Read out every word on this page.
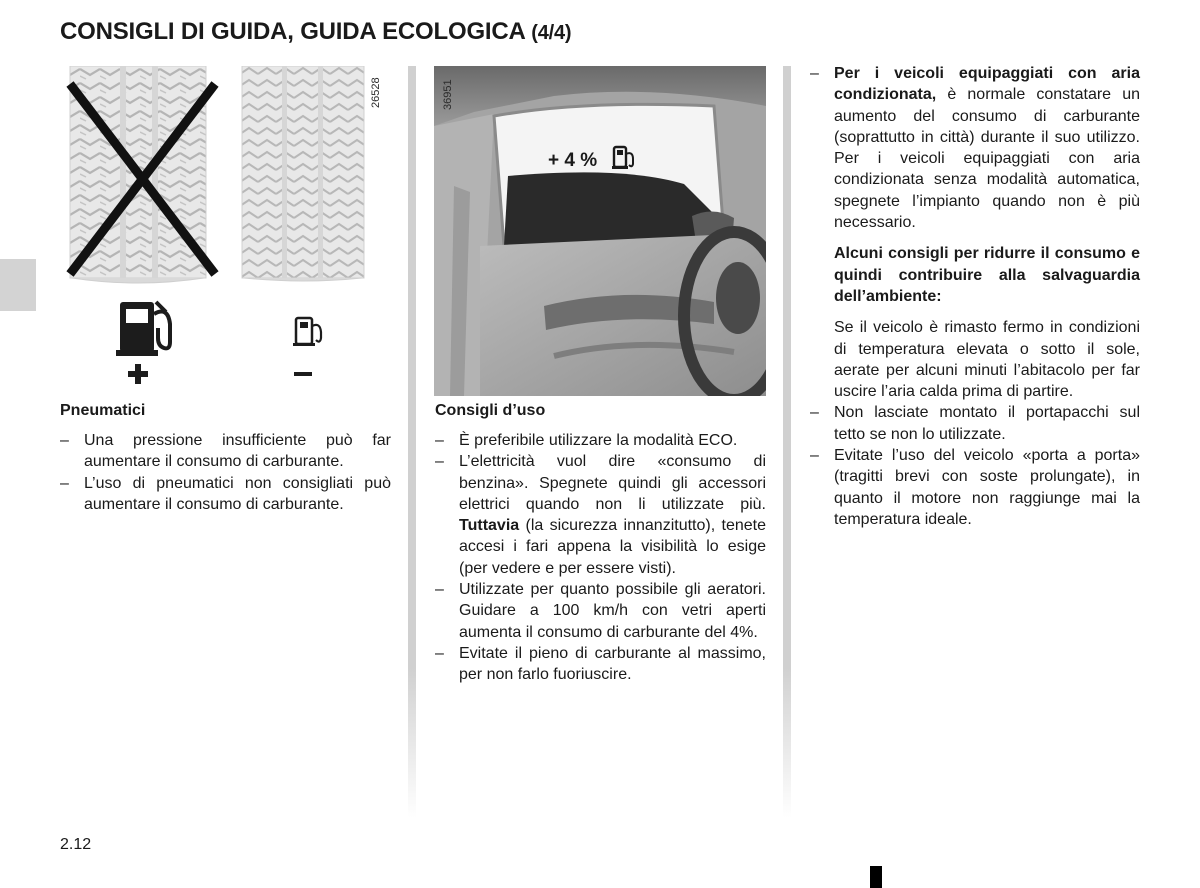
CONSIGLI DI GUIDA, GUIDA ECOLOGICA (4/4)
26528	36951
+ 4 %
Pneumatici
– Una pressione insufficiente può far aumentare il consumo di carburante.
– L’uso di pneumatici non consigliati può aumentare il consumo di carburante.
Consigli d’uso
– È preferibile utilizzare la modalità ECO.
– L’elettricità vuol dire «consumo di benzina». Spegnete quindi gli accessori elettrici quando non li utilizzate più. Tuttavia (la sicurezza innanzitutto), tenete accesi i fari appena la visibilità lo esige (per vedere e per essere visti).
– Utilizzate per quanto possibile gli aeratori. Guidare a 100 km/h con vetri aperti aumenta il consumo di carburante del 4%.
– Evitate il pieno di carburante al massimo, per non farlo fuoriuscire.
– Per i veicoli equipaggiati con aria condizionata, è normale constatare un aumento del consumo di carburante (soprattutto in città) durante il suo utilizzo. Per i veicoli equipaggiati con aria condizionata senza modalità automatica, spegnete l’impianto quando non è più necessario.

Alcuni consigli per ridurre il consumo e quindi contribuire alla salvaguardia dell’ambiente:

Se il veicolo è rimasto fermo in condizioni di temperatura elevata o sotto il sole, aerate per alcuni minuti l’abitacolo per far uscire l’aria calda prima di partire.

– Non lasciate montato il portapacchi sul tetto se non lo utilizzate.
– Evitate l’uso del veicolo «porta a porta» (tragitti brevi con soste prolungate), in quanto il motore non raggiunge mai la temperatura ideale.
2.12
